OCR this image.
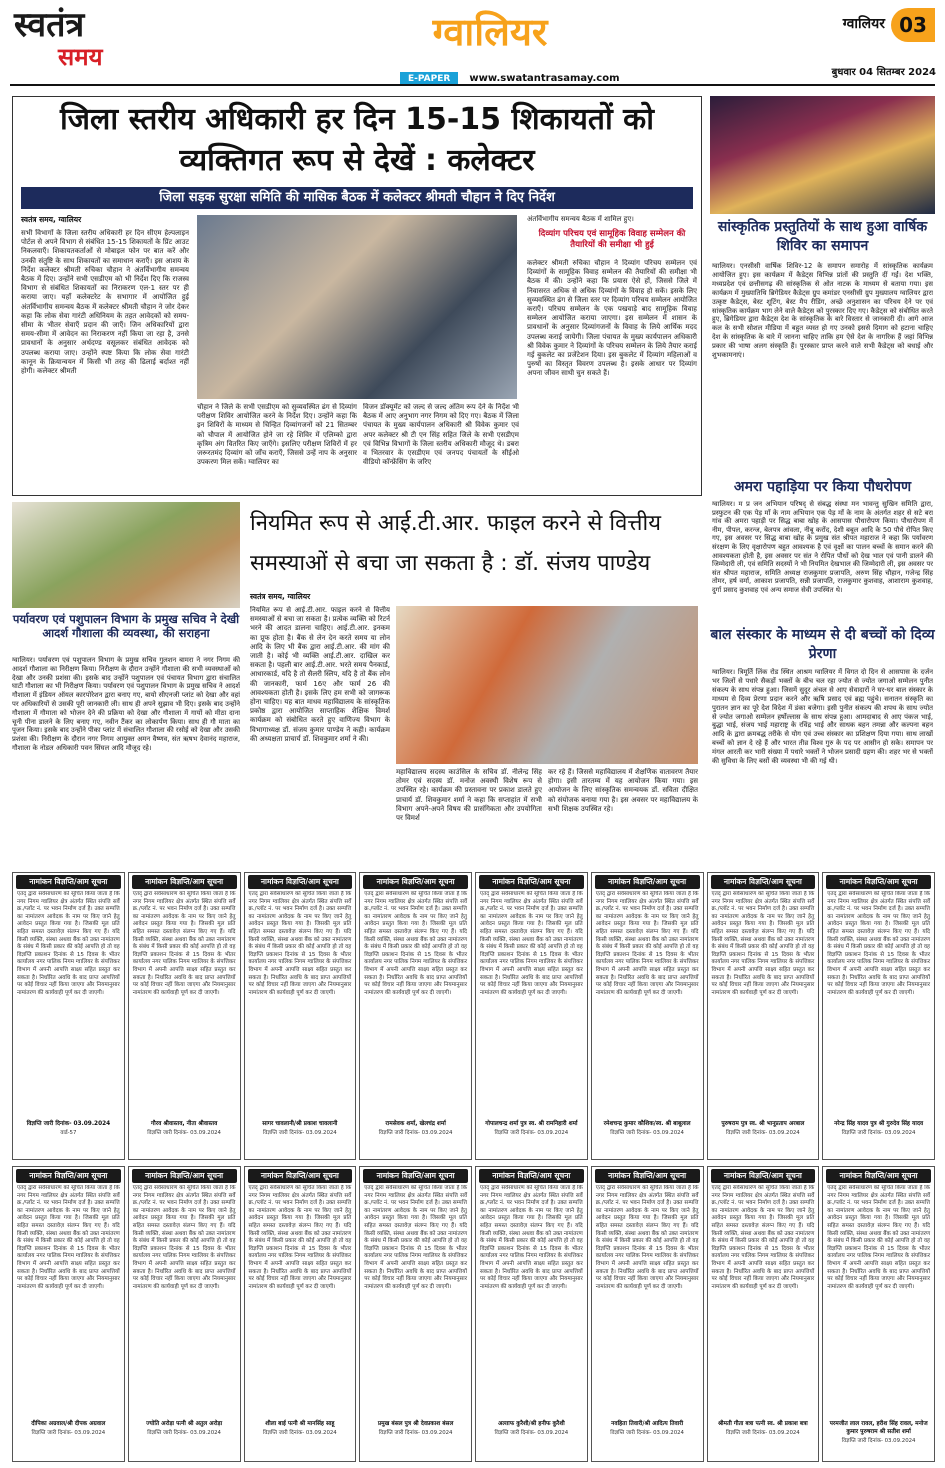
स्वतंत्र
समय
ग्वालियर
E-PAPER www.swatantrasamay.com
ग्वालियर 03
बुधवार 04 सितम्बर 2024
जिला स्तरीय अधिकारी हर दिन 15-15 शिकायतों को व्यक्तिगत रूप से देखें : कलेक्टर
जिला सड़क सुरक्षा समिति की मासिक बैठक में कलेक्टर श्रीमती चौहान ने दिए निर्देश
स्वतंत्र समय, ग्वालियर
सभी विभागों के जिला स्तरीय अधिकारी हर दिन सीएम हेल्पलाइन पोर्टल से अपने विभाग से संबंधित 15-15 शिकायतों के प्रिंट आउट निकलवाएँ। शिकायतकर्ताओं से मोबाइल फोन पर बात करें और उनकी संतुष्टि के साथ शिकायतों का समाधान कराएँ। इस आशय के निर्देश कलेक्टर श्रीमती रुचिका चौहान ने अंतर्विभागीय समन्वय बैठक में दिए। उन्होंने सभी एसडीएम को भी निर्देश दिए कि राजस्व विभाग से संबंधित शिकायतों का निराकरण एल-1 स्तर पर ही कराया जाए। यहाँ कलेक्टरेट के सभागार में आयोजित हुई अंतर्विभागीय समन्वय बैठक में कलेक्टर श्रीमती चौहान ने जोर देकर कहा कि लोक सेवा गारंटी अधिनियम के तहत आवेदकों को समय-सीमा के भीतर सेवाएँ प्रदान की जाएँ। जिन अधिकारियों द्वारा समय-सीमा में आवेदन का निराकरण नहीं किया जा रहा है, उनसे प्रावधानों के अनुसार अर्थदण्ड वसूलकर संबंधित आवेदक को उपलब्ध कराया जाए। उन्होंने स्पष्ट किया कि लोक सेवा गारंटी कानून के क्रियान्वयन में किसी भी तरह की ढिलाई बर्दाश्त नहीं होगी। कलेक्टर श्रीमती
चौहान ने जिले के सभी एसडीएम को सुव्यवस्थित ढंग से दिव्यांग परीक्षण शिविर आयोजित करने के निर्देश दिए। उन्होंने कहा कि इन शिविरों के माध्यम से चिन्हित दिव्यांगजनों को 21 सितम्बर को चौपाल में आयोजित होने जा रहे शिविर में एलिम्को द्वारा कृत्रिम अंग वितरित किए जाएँगे। इसलिए परीक्षण शिविरों में हर जरूरतमंद दिव्यांग को जाँच कराएँ, जिससे उन्हें नाप के अनुसार उपकरण मिल सकें। ग्वालियर का
विजन डॉक्यूमेंट को जल्द से जल्द अंतिम रूप देने के निर्देश भी बैठक में आए अनुभाग नगर निगम को दिए गए। बैठक में जिला पंचायत के मुख्य कार्यपालन अधिकारी श्री विवेक कुमार एवं अपर कलेक्टर श्री टी एन सिंह सहित जिले के सभी एसडीएम एवं विभिन्न विभागों के जिला स्तरीय अधिकारी मौजूद थे। डबरा व भितरवार के एसडीएम एवं जनपद पंचायतों के सीईओ वीडियो कॉन्फ्रेंसिंग के जरिए
अंतर्विभागीय समन्वय बैठक में शामिल हुए।
दिव्यांग परिचय एवं सामूहिक विवाह सम्मेलन की तैयारियों की समीक्षा भी हुई
कलेक्टर श्रीमती रुचिका चौहान ने दिव्यांग परिचय सम्मेलन एवं दिव्यांगों के सामूहिक विवाह सम्मेलन की तैयारियों की समीक्षा भी बैठक में की। उन्होंने कहा कि प्रयास ऐसे हों, जिससे जिले में निवासरत अधिक से अधिक दिव्यांगों के विवाह हो सकें। इसके लिए सुव्यवस्थित ढंग से जिला स्तर पर दिव्यांग परिचय सम्मेलन आयोजित कराएँ। परिचय सम्मेलन के एक पखवाड़े बाद सामूहिक विवाह सम्मेलन आयोजित कराया जाएगा। इस सम्मेलन में शासन के प्रावधानों के अनुसार दिव्यांगजनों के विवाह के लिये आर्थिक मदद उपलब्ध कराई जायेगी। जिला पंचायत के मुख्य कार्यपालन अधिकारी श्री विवेक कुमार ने दिव्यांगों के परिचय सम्मेलन के लिये तैयार कराई गई बुकलेट का प्रजेंटेशन दिया। इस बुकलेट में दिव्यांग महिलाओं व पुरुषों का विस्तृत विवरण उपलब्ध है। इसके आधार पर दिव्यांग अपना जीवन साथी चुन सकते हैं।
सांस्कृतिक प्रस्तुतियों के साथ हुआ वार्षिक शिविर का समापन
ग्वालियर। एनसीसी वार्षिक शिविर-12 के समापन समारोह में सांस्कृतिक कार्यक्रम आयोजित हुए। इस कार्यक्रम में कैडेट्स विभिन्न प्रांतों की प्रस्तुति दीं गईं। देश भक्ति, मध्यप्रदेश एवं छत्तीसगढ़ की सांस्कृतिक से ओत नाटक के माध्यम से बताया गया। इस कार्यक्रम में मुख्यातिथि ब्रिगेडियर कैडेट्स ग्रुप कमांडर एनसीसी ग्रुप मुख्यालय ग्वालियर द्वारा उत्कृष्ट कैडेट्स, बेस्ट शूटिंग, बेस्ट मैप रीडिंग, अच्छे अनुशासन का परिचय देने पर एवं सांस्कृतिक कार्यक्रम भाग लेने वाले कैडेट्स को पुरस्कार दिए गए। कैडेट्स को संबोधित करते हुए, ब्रिगेडियर द्वारा कैडेट्स देश के सांस्कृतिक के बारे विस्तार से जानकारी दी। आगे आज कल के सभी सोशल मीडिया में बहुत व्यस्त हो गए उनको इससे दिमाग को हटाना चाहिए देश के सांस्कृतिक के बारे में जानना चाहिए ताकि हम ऐसे देश के नागरिक हैं जहां विभिन्न प्रकार की भाषा अलग संस्कृति हैं। पुरस्कार प्राप्त करने वाले सभी कैडेट्स को बधाई और शुभकामनाएं।
अमरा पहाड़िया पर किया पौधरोपण
ग्वालियर। म प्र जन अभियान परिषद् से संबद्ध संस्था मन भावन्तु सुखिन समिति द्वारा, प्रस्फुटन की एक पेड़ माँ के नाम अभियान एक पेड़ माँ के नाम के अंतर्गत शहर से सटे बरा गांव की अमरा पहाड़ी पर सिद्ध बाबा खोह के आसपास पौधारोपण किया। पौधारोपण में नीम, पीपल, करन्ज, बेलपत्र आंवला, नीबू करोंद, देशी बबूल आदि के 50 पौधे रोपित किए गए, इस अवसर पर सिद्ध बाबा खोह के प्रमुख संत श्रीपत महाराज ने कहा कि पर्यावरण संरक्षण के लिए वृक्षारोपण बहुत आवश्यक है एवं वृक्षों का पालन बच्चों के समान करने की आवश्यकता होती है, इस अवसर पर संत ने रोपित पौधों को देख भाल एवं पानी डालने की जिम्मेदारी ली, एवं समिति सदस्यों ने भी नियमित देखभाल की जिम्मेदारी ली, इस अवसर पर संत श्रीपत महाराज, समिति अध्यक्ष राजकुमार प्रजापति, अरुण सिंह चौहान, गजेन्द्र सिंह तोमर, हर्ष वर्मा, आकाश प्रजापति, सन्नी प्रजापति, राजकुमार कुशवाह, आशाराम कुशवाह, दुर्गा प्रसाद कुशवाह एवं अन्य समाज सेवी उपस्थित थे।
बाल संस्कार के माध्यम से दी बच्चों को दिव्य प्रेरणा
ग्वालियर। त्रिमूर्ति लिंक रोड स्थित आश्रम ग्वालियर में विगत दो दिन से आसपास के दर्जन भर जिलों से पधारे सैकड़ों भक्तों के बीच चल रहा ज्योत से ज्योत जगाओ सम्मेलन पुनीत संकल्प के साथ संपन्न हुआ। जिसमें सुदूर अंचल से आए सेवादारों ने घर-घर बाल संस्कार के माध्यम से दिव्य प्रेरणा प्रदान करने और ऋषि प्रसाद एवं ब्रह्म पहुंचे। सनातन संस्कृति का पुरातन ज्ञान का पूरे देश विदेश में डंका बजेगा। इसी पुनीत संकल्प की शपथ के साथ ज्योत से ज्योत जगाओ सम्मेलन हर्षोल्लास के साथ संपन्न हुआ। आमदाबाद से आए पंकज भाई, बुद्धा भाई, संजय भाई महाराष्ट्र के रविंद्र भाई और साधक बहन तमन्ना और कल्पना बहन आदि के द्वारा क्रमबद्ध तरीके से योग एवं उच्च संस्कार का प्रशिक्षण दिया गया। साथ लाखों बच्चों को ज्ञान दे रहे हैं और भारत तीव्र विश्व गुरु के पद पर आसीन हो सके। समापन पर मंगल आरती कर भारी संख्या में पधारे भक्तों ने भोजन प्रसादी ग्रहण की। शहर भर से भक्तों की सुविधा के लिए बसों की व्यवस्था भी की गई थी।
पर्यावरण एवं पशुपालन विभाग के प्रमुख सचिव ने देखी आदर्श गौशाला की व्यवस्था, की सराहना
ग्वालियर। पर्यावरण एवं पशुपालन विभाग के प्रमुख सचिव गुलशन बामरा ने नगर निगम की आदर्श गौशाला का निरीक्षण किया। निरीक्षण के दौरान उन्होंने गौशाला की सभी व्यवस्थाओं को देखा और उनकी प्रशंसा की। इसके बाद उन्होंने पशुपालन एवं पंचायत विभाग द्वारा संचालित घाटी गौशाला का भी निरीक्षण किया। पर्यावरण एवं पशुपालन विभाग के प्रमुख सचिव ने आदर्श गौशाला में इंडियन ऑयल कारपोरेशन द्वारा बनाए गए, बायो सीएनजी प्लांट को देखा और वहां पर अधिकारियों से उसकी पूरी जानकारी ली। साथ ही अपने सुझाव भी दिए। इसके बाद उन्होंने गौशाला में गौमाता को भोजन देने की प्रक्रिया को देखा और गौशाला में गायों को मीठा दाना चूनी पीना डालने के लिए बनाए गए, नवीन टैंकर का लोकार्पण किया। साथ ही गौ माता का पूजन किया। इसके बाद उन्होंने पीका प्लांट में संचालित गौशाला की रसोई को देखा और उसकी प्रशंसा की। निरीक्षण के दौरान नगर निगम आयुक्त अमन वैष्णव, संत ऋषभ देवानंद महाराज, गौशाला के नोडल अधिकारी पवन सिंघल आदि मौजूद रहे।
नियमित रूप से आई.टी.आर. फाइल करने से वित्तीय समस्याओं से बचा जा सकता है : डॉ. संजय पाण्डेय
स्वतंत्र समय, ग्वालियर
नियमित रूप से आई.टी.आर. फाइल करने से वित्तीय समस्याओं से बचा जा सकता है। प्रत्येक व्यक्ति को रिटर्न भरने की आदत डालना चाहिए। आई.टी.आर. इनकम का प्रूफ होता है। बैंक से लेन देन करते समय या लोन आदि के लिए भी बैंक द्वारा आई.टी.आर. की मांग की जाती है। कोई भी व्यक्ति आई.टी.आर. दाखिल कर सकता है। पहली बार आई.टी.आर. भरते समय पैनकार्ड, आधारकार्ड, यदि है तो सैलरी स्लिप, यदि है तो बैंक लोन की जानकारी, फार्म 16ए और फार्म 26 की आवश्यकता होती है। इसके लिए हम सभी को जागरूक होना चाहिए। यह बात माधव महाविद्यालय के सांस्कृतिक प्रकोष्ठ द्वारा आयोजित साप्ताहिक शैक्षिक विमर्श कार्यक्रम को संबोधित करते हुए वाणिज्य विभाग के विभागाध्यक्ष डॉ. संजय कुमार पाण्डेय ने कही। कार्यक्रम की अध्यक्षता प्राचार्य डॉ. शिवकुमार शर्मा ने की।
महाविद्यालय सदस्य काउंसिल के सचिव डॉ. नीलेन्द्र सिंह तोमर एवं सदस्य डॉ. मनोज अवस्थी विशेष रूप से उपस्थित रहे। कार्यक्रम की प्रस्तावना पर प्रकाश डालते हुए प्राचार्य डॉ. शिवकुमार शर्मा ने कहा कि सप्ताहांत में सभी विभाग अपने-अपने विषय की प्रासंगिकता और उपयोगिता पर विमर्श
कर रहे हैं। जिससे महाविद्यालय में शैक्षणिक वातावरण तैयार होगा। इसी तारतम्य में यह आयोजन किया गया। इस आयोजन के लिए सांस्कृतिक समन्वयक डॉ. सविता दीक्षित को संयोजक बनाया गया है। इस अवसर पर महाविद्यालय के सभी शिक्षक उपस्थित रहे।
नामांकन विज्ञप्ति/आम सूचना
एतद् द्वारा सर्वसाधारण को सूचित किया जाता है कि नगर निगम ग्वालियर क्षेत्र अंतर्गत स्थित संपत्ति सर्वे क्र./प्लॉट नं. पर भवन निर्माण दर्ज है। उक्त सम्पत्ति का नामांतरण आवेदक के नाम पर किए जाने हेतु आवेदन प्रस्तुत किया गया है। जिसकी मूल प्रति सहित समस्त दस्तावेज़ संलग्न किए गए हैं। यदि किसी व्यक्ति, संस्था अथवा बैंक को उक्त नामांतरण के संबंध में किसी प्रकार की कोई आपत्ति हो तो वह विज्ञप्ति प्रकाशन दिनांक से 15 दिवस के भीतर कार्यालय नगर पालिक निगम ग्वालियर के संपत्तिकर विभाग में अपनी आपत्ति साक्ष्य सहित प्रस्तुत कर सकता है। निर्धारित अवधि के बाद प्राप्त आपत्तियों पर कोई विचार नहीं किया जाएगा और नियमानुसार नामांतरण की कार्यवाही पूर्ण कर दी जाएगी।
विज्ञप्ति जारी दिनांक- 03.09.2024
वार्ड-57
नामांकन विज्ञप्ति/आम सूचना
एतद् द्वारा सर्वसाधारण को सूचित किया जाता है कि नगर निगम ग्वालियर क्षेत्र अंतर्गत स्थित संपत्ति सर्वे क्र./प्लॉट नं. पर भवन निर्माण दर्ज है। उक्त सम्पत्ति का नामांतरण आवेदक के नाम पर किए जाने हेतु आवेदन प्रस्तुत किया गया है। जिसकी मूल प्रति सहित समस्त दस्तावेज़ संलग्न किए गए हैं। यदि किसी व्यक्ति, संस्था अथवा बैंक को उक्त नामांतरण के संबंध में किसी प्रकार की कोई आपत्ति हो तो वह विज्ञप्ति प्रकाशन दिनांक से 15 दिवस के भीतर कार्यालय नगर पालिक निगम ग्वालियर के संपत्तिकर विभाग में अपनी आपत्ति साक्ष्य सहित प्रस्तुत कर सकता है। निर्धारित अवधि के बाद प्राप्त आपत्तियों पर कोई विचार नहीं किया जाएगा और नियमानुसार नामांतरण की कार्यवाही पूर्ण कर दी जाएगी।
गौरव श्रीवास्तव, नीता श्रीवास्तव
विज्ञप्ति जारी दिनांक- 03.09.2024
नामांकन विज्ञप्ति/आम सूचना
एतद् द्वारा सर्वसाधारण को सूचित किया जाता है कि नगर निगम ग्वालियर क्षेत्र अंतर्गत स्थित संपत्ति सर्वे क्र./प्लॉट नं. पर भवन निर्माण दर्ज है। उक्त सम्पत्ति का नामांतरण आवेदक के नाम पर किए जाने हेतु आवेदन प्रस्तुत किया गया है। जिसकी मूल प्रति सहित समस्त दस्तावेज़ संलग्न किए गए हैं। यदि किसी व्यक्ति, संस्था अथवा बैंक को उक्त नामांतरण के संबंध में किसी प्रकार की कोई आपत्ति हो तो वह विज्ञप्ति प्रकाशन दिनांक से 15 दिवस के भीतर कार्यालय नगर पालिक निगम ग्वालियर के संपत्तिकर विभाग में अपनी आपत्ति साक्ष्य सहित प्रस्तुत कर सकता है। निर्धारित अवधि के बाद प्राप्त आपत्तियों पर कोई विचार नहीं किया जाएगा और नियमानुसार नामांतरण की कार्यवाही पूर्ण कर दी जाएगी।
सागर चावलानी/श्री प्रकाश चावलानी
विज्ञप्ति जारी दिनांक- 03.09.2024
नामांकन विज्ञप्ति/आम सूचना
एतद् द्वारा सर्वसाधारण को सूचित किया जाता है कि नगर निगम ग्वालियर क्षेत्र अंतर्गत स्थित संपत्ति सर्वे क्र./प्लॉट नं. पर भवन निर्माण दर्ज है। उक्त सम्पत्ति का नामांतरण आवेदक के नाम पर किए जाने हेतु आवेदन प्रस्तुत किया गया है। जिसकी मूल प्रति सहित समस्त दस्तावेज़ संलग्न किए गए हैं। यदि किसी व्यक्ति, संस्था अथवा बैंक को उक्त नामांतरण के संबंध में किसी प्रकार की कोई आपत्ति हो तो वह विज्ञप्ति प्रकाशन दिनांक से 15 दिवस के भीतर कार्यालय नगर पालिक निगम ग्वालियर के संपत्तिकर विभाग में अपनी आपत्ति साक्ष्य सहित प्रस्तुत कर सकता है। निर्धारित अवधि के बाद प्राप्त आपत्तियों पर कोई विचार नहीं किया जाएगा और नियमानुसार नामांतरण की कार्यवाही पूर्ण कर दी जाएगी।
रामसेवक शर्मा, खेलचंद्र शर्मा
विज्ञप्ति जारी दिनांक- 03.09.2024
नामांकन विज्ञप्ति/आम सूचना
एतद् द्वारा सर्वसाधारण को सूचित किया जाता है कि नगर निगम ग्वालियर क्षेत्र अंतर्गत स्थित संपत्ति सर्वे क्र./प्लॉट नं. पर भवन निर्माण दर्ज है। उक्त सम्पत्ति का नामांतरण आवेदक के नाम पर किए जाने हेतु आवेदन प्रस्तुत किया गया है। जिसकी मूल प्रति सहित समस्त दस्तावेज़ संलग्न किए गए हैं। यदि किसी व्यक्ति, संस्था अथवा बैंक को उक्त नामांतरण के संबंध में किसी प्रकार की कोई आपत्ति हो तो वह विज्ञप्ति प्रकाशन दिनांक से 15 दिवस के भीतर कार्यालय नगर पालिक निगम ग्वालियर के संपत्तिकर विभाग में अपनी आपत्ति साक्ष्य सहित प्रस्तुत कर सकता है। निर्धारित अवधि के बाद प्राप्त आपत्तियों पर कोई विचार नहीं किया जाएगा और नियमानुसार नामांतरण की कार्यवाही पूर्ण कर दी जाएगी।
गोपालचन्द्र शर्मा पुत्र स्व. श्री रामनिहारी शर्मा
विज्ञप्ति जारी दिनांक- 03.09.2024
नामांकन विज्ञप्ति/आम सूचना
एतद् द्वारा सर्वसाधारण को सूचित किया जाता है कि नगर निगम ग्वालियर क्षेत्र अंतर्गत स्थित संपत्ति सर्वे क्र./प्लॉट नं. पर भवन निर्माण दर्ज है। उक्त सम्पत्ति का नामांतरण आवेदक के नाम पर किए जाने हेतु आवेदन प्रस्तुत किया गया है। जिसकी मूल प्रति सहित समस्त दस्तावेज़ संलग्न किए गए हैं। यदि किसी व्यक्ति, संस्था अथवा बैंक को उक्त नामांतरण के संबंध में किसी प्रकार की कोई आपत्ति हो तो वह विज्ञप्ति प्रकाशन दिनांक से 15 दिवस के भीतर कार्यालय नगर पालिक निगम ग्वालियर के संपत्तिकर विभाग में अपनी आपत्ति साक्ष्य सहित प्रस्तुत कर सकता है। निर्धारित अवधि के बाद प्राप्त आपत्तियों पर कोई विचार नहीं किया जाएगा और नियमानुसार नामांतरण की कार्यवाही पूर्ण कर दी जाएगी।
रमेशचन्द्र कुमार कौशिक/स्व. श्री बाबूलाल
विज्ञप्ति जारी दिनांक- 03.09.2024
नामांकन विज्ञप्ति/आम सूचना
एतद् द्वारा सर्वसाधारण को सूचित किया जाता है कि नगर निगम ग्वालियर क्षेत्र अंतर्गत स्थित संपत्ति सर्वे क्र./प्लॉट नं. पर भवन निर्माण दर्ज है। उक्त सम्पत्ति का नामांतरण आवेदक के नाम पर किए जाने हेतु आवेदन प्रस्तुत किया गया है। जिसकी मूल प्रति सहित समस्त दस्तावेज़ संलग्न किए गए हैं। यदि किसी व्यक्ति, संस्था अथवा बैंक को उक्त नामांतरण के संबंध में किसी प्रकार की कोई आपत्ति हो तो वह विज्ञप्ति प्रकाशन दिनांक से 15 दिवस के भीतर कार्यालय नगर पालिक निगम ग्वालियर के संपत्तिकर विभाग में अपनी आपत्ति साक्ष्य सहित प्रस्तुत कर सकता है। निर्धारित अवधि के बाद प्राप्त आपत्तियों पर कोई विचार नहीं किया जाएगा और नियमानुसार नामांतरण की कार्यवाही पूर्ण कर दी जाएगी।
पुरुषराम पुत्र स्व. श्री भानूप्रताप अरबाल
विज्ञप्ति जारी दिनांक- 03.09.2024
नामांकन विज्ञप्ति/आम सूचना
एतद् द्वारा सर्वसाधारण को सूचित किया जाता है कि नगर निगम ग्वालियर क्षेत्र अंतर्गत स्थित संपत्ति सर्वे क्र./प्लॉट नं. पर भवन निर्माण दर्ज है। उक्त सम्पत्ति का नामांतरण आवेदक के नाम पर किए जाने हेतु आवेदन प्रस्तुत किया गया है। जिसकी मूल प्रति सहित समस्त दस्तावेज़ संलग्न किए गए हैं। यदि किसी व्यक्ति, संस्था अथवा बैंक को उक्त नामांतरण के संबंध में किसी प्रकार की कोई आपत्ति हो तो वह विज्ञप्ति प्रकाशन दिनांक से 15 दिवस के भीतर कार्यालय नगर पालिक निगम ग्वालियर के संपत्तिकर विभाग में अपनी आपत्ति साक्ष्य सहित प्रस्तुत कर सकता है। निर्धारित अवधि के बाद प्राप्त आपत्तियों पर कोई विचार नहीं किया जाएगा और नियमानुसार नामांतरण की कार्यवाही पूर्ण कर दी जाएगी।
नरेन्द्र सिंह यादव पुत्र श्री गुरुदेव सिंह यादव
विज्ञप्ति जारी दिनांक- 03.09.2024
नामांकन विज्ञप्ति/आम सूचना
एतद् द्वारा सर्वसाधारण को सूचित किया जाता है कि नगर निगम ग्वालियर क्षेत्र अंतर्गत स्थित संपत्ति सर्वे क्र./प्लॉट नं. पर भवन निर्माण दर्ज है। उक्त सम्पत्ति का नामांतरण आवेदक के नाम पर किए जाने हेतु आवेदन प्रस्तुत किया गया है। जिसकी मूल प्रति सहित समस्त दस्तावेज़ संलग्न किए गए हैं। यदि किसी व्यक्ति, संस्था अथवा बैंक को उक्त नामांतरण के संबंध में किसी प्रकार की कोई आपत्ति हो तो वह विज्ञप्ति प्रकाशन दिनांक से 15 दिवस के भीतर कार्यालय नगर पालिक निगम ग्वालियर के संपत्तिकर विभाग में अपनी आपत्ति साक्ष्य सहित प्रस्तुत कर सकता है। निर्धारित अवधि के बाद प्राप्त आपत्तियों पर कोई विचार नहीं किया जाएगा और नियमानुसार नामांतरण की कार्यवाही पूर्ण कर दी जाएगी।
दीपिका अग्रवाल/श्री दीपक अग्रवाल
विज्ञप्ति जारी दिनांक- 03.09.2024
नामांकन विज्ञप्ति/आम सूचना
एतद् द्वारा सर्वसाधारण को सूचित किया जाता है कि नगर निगम ग्वालियर क्षेत्र अंतर्गत स्थित संपत्ति सर्वे क्र./प्लॉट नं. पर भवन निर्माण दर्ज है। उक्त सम्पत्ति का नामांतरण आवेदक के नाम पर किए जाने हेतु आवेदन प्रस्तुत किया गया है। जिसकी मूल प्रति सहित समस्त दस्तावेज़ संलग्न किए गए हैं। यदि किसी व्यक्ति, संस्था अथवा बैंक को उक्त नामांतरण के संबंध में किसी प्रकार की कोई आपत्ति हो तो वह विज्ञप्ति प्रकाशन दिनांक से 15 दिवस के भीतर कार्यालय नगर पालिक निगम ग्वालियर के संपत्तिकर विभाग में अपनी आपत्ति साक्ष्य सहित प्रस्तुत कर सकता है। निर्धारित अवधि के बाद प्राप्त आपत्तियों पर कोई विचार नहीं किया जाएगा और नियमानुसार नामांतरण की कार्यवाही पूर्ण कर दी जाएगी।
ज्योति अरोड़ा पत्नी श्री अतुल अरोड़ा
विज्ञप्ति जारी दिनांक- 03.09.2024
नामांकन विज्ञप्ति/आम सूचना
एतद् द्वारा सर्वसाधारण को सूचित किया जाता है कि नगर निगम ग्वालियर क्षेत्र अंतर्गत स्थित संपत्ति सर्वे क्र./प्लॉट नं. पर भवन निर्माण दर्ज है। उक्त सम्पत्ति का नामांतरण आवेदक के नाम पर किए जाने हेतु आवेदन प्रस्तुत किया गया है। जिसकी मूल प्रति सहित समस्त दस्तावेज़ संलग्न किए गए हैं। यदि किसी व्यक्ति, संस्था अथवा बैंक को उक्त नामांतरण के संबंध में किसी प्रकार की कोई आपत्ति हो तो वह विज्ञप्ति प्रकाशन दिनांक से 15 दिवस के भीतर कार्यालय नगर पालिक निगम ग्वालियर के संपत्तिकर विभाग में अपनी आपत्ति साक्ष्य सहित प्रस्तुत कर सकता है। निर्धारित अवधि के बाद प्राप्त आपत्तियों पर कोई विचार नहीं किया जाएगा और नियमानुसार नामांतरण की कार्यवाही पूर्ण कर दी जाएगी।
शीला बाई पत्नी श्री मानसिंह साहू
विज्ञप्ति जारी दिनांक- 03.09.2024
नामांकन विज्ञप्ति/आम सूचना
एतद् द्वारा सर्वसाधारण को सूचित किया जाता है कि नगर निगम ग्वालियर क्षेत्र अंतर्गत स्थित संपत्ति सर्वे क्र./प्लॉट नं. पर भवन निर्माण दर्ज है। उक्त सम्पत्ति का नामांतरण आवेदक के नाम पर किए जाने हेतु आवेदन प्रस्तुत किया गया है। जिसकी मूल प्रति सहित समस्त दस्तावेज़ संलग्न किए गए हैं। यदि किसी व्यक्ति, संस्था अथवा बैंक को उक्त नामांतरण के संबंध में किसी प्रकार की कोई आपत्ति हो तो वह विज्ञप्ति प्रकाशन दिनांक से 15 दिवस के भीतर कार्यालय नगर पालिक निगम ग्वालियर के संपत्तिकर विभाग में अपनी आपत्ति साक्ष्य सहित प्रस्तुत कर सकता है। निर्धारित अवधि के बाद प्राप्त आपत्तियों पर कोई विचार नहीं किया जाएगा और नियमानुसार नामांतरण की कार्यवाही पूर्ण कर दी जाएगी।
प्रमुख बंसल पुत्र श्री देवप्रकाश बंसल
विज्ञप्ति जारी दिनांक- 03.09.2024
नामांकन विज्ञप्ति/आम सूचना
एतद् द्वारा सर्वसाधारण को सूचित किया जाता है कि नगर निगम ग्वालियर क्षेत्र अंतर्गत स्थित संपत्ति सर्वे क्र./प्लॉट नं. पर भवन निर्माण दर्ज है। उक्त सम्पत्ति का नामांतरण आवेदक के नाम पर किए जाने हेतु आवेदन प्रस्तुत किया गया है। जिसकी मूल प्रति सहित समस्त दस्तावेज़ संलग्न किए गए हैं। यदि किसी व्यक्ति, संस्था अथवा बैंक को उक्त नामांतरण के संबंध में किसी प्रकार की कोई आपत्ति हो तो वह विज्ञप्ति प्रकाशन दिनांक से 15 दिवस के भीतर कार्यालय नगर पालिक निगम ग्वालियर के संपत्तिकर विभाग में अपनी आपत्ति साक्ष्य सहित प्रस्तुत कर सकता है। निर्धारित अवधि के बाद प्राप्त आपत्तियों पर कोई विचार नहीं किया जाएगा और नियमानुसार नामांतरण की कार्यवाही पूर्ण कर दी जाएगी।
अल्ताफ कुरैशी/श्री हनीफ कुरैशी
विज्ञप्ति जारी दिनांक- 03.09.2024
नामांकन विज्ञप्ति/आम सूचना
एतद् द्वारा सर्वसाधारण को सूचित किया जाता है कि नगर निगम ग्वालियर क्षेत्र अंतर्गत स्थित संपत्ति सर्वे क्र./प्लॉट नं. पर भवन निर्माण दर्ज है। उक्त सम्पत्ति का नामांतरण आवेदक के नाम पर किए जाने हेतु आवेदन प्रस्तुत किया गया है। जिसकी मूल प्रति सहित समस्त दस्तावेज़ संलग्न किए गए हैं। यदि किसी व्यक्ति, संस्था अथवा बैंक को उक्त नामांतरण के संबंध में किसी प्रकार की कोई आपत्ति हो तो वह विज्ञप्ति प्रकाशन दिनांक से 15 दिवस के भीतर कार्यालय नगर पालिक निगम ग्वालियर के संपत्तिकर विभाग में अपनी आपत्ति साक्ष्य सहित प्रस्तुत कर सकता है। निर्धारित अवधि के बाद प्राप्त आपत्तियों पर कोई विचार नहीं किया जाएगा और नियमानुसार नामांतरण की कार्यवाही पूर्ण कर दी जाएगी।
नवहिता तिवारी/श्री आदित्य तिवारी
विज्ञप्ति जारी दिनांक- 03.09.2024
नामांकन विज्ञप्ति/आम सूचना
एतद् द्वारा सर्वसाधारण को सूचित किया जाता है कि नगर निगम ग्वालियर क्षेत्र अंतर्गत स्थित संपत्ति सर्वे क्र./प्लॉट नं. पर भवन निर्माण दर्ज है। उक्त सम्पत्ति का नामांतरण आवेदक के नाम पर किए जाने हेतु आवेदन प्रस्तुत किया गया है। जिसकी मूल प्रति सहित समस्त दस्तावेज़ संलग्न किए गए हैं। यदि किसी व्यक्ति, संस्था अथवा बैंक को उक्त नामांतरण के संबंध में किसी प्रकार की कोई आपत्ति हो तो वह विज्ञप्ति प्रकाशन दिनांक से 15 दिवस के भीतर कार्यालय नगर पालिक निगम ग्वालियर के संपत्तिकर विभाग में अपनी आपत्ति साक्ष्य सहित प्रस्तुत कर सकता है। निर्धारित अवधि के बाद प्राप्त आपत्तियों पर कोई विचार नहीं किया जाएगा और नियमानुसार नामांतरण की कार्यवाही पूर्ण कर दी जाएगी।
श्रीमती गीता बत्रा पत्नी स्व. श्री प्रकाश बत्रा
विज्ञप्ति जारी दिनांक- 03.09.2024
नामांकन विज्ञप्ति/आम सूचना
एतद् द्वारा सर्वसाधारण को सूचित किया जाता है कि नगर निगम ग्वालियर क्षेत्र अंतर्गत स्थित संपत्ति सर्वे क्र./प्लॉट नं. पर भवन निर्माण दर्ज है। उक्त सम्पत्ति का नामांतरण आवेदक के नाम पर किए जाने हेतु आवेदन प्रस्तुत किया गया है। जिसकी मूल प्रति सहित समस्त दस्तावेज़ संलग्न किए गए हैं। यदि किसी व्यक्ति, संस्था अथवा बैंक को उक्त नामांतरण के संबंध में किसी प्रकार की कोई आपत्ति हो तो वह विज्ञप्ति प्रकाशन दिनांक से 15 दिवस के भीतर कार्यालय नगर पालिक निगम ग्वालियर के संपत्तिकर विभाग में अपनी आपत्ति साक्ष्य सहित प्रस्तुत कर सकता है। निर्धारित अवधि के बाद प्राप्त आपत्तियों पर कोई विचार नहीं किया जाएगा और नियमानुसार नामांतरण की कार्यवाही पूर्ण कर दी जाएगी।
परमजीत लाल रावल, हरीश सिंह रावल, मनोज कुमार पुरुषराम श्री सतीश शर्मा
विज्ञप्ति जारी दिनांक- 03.09.2024
